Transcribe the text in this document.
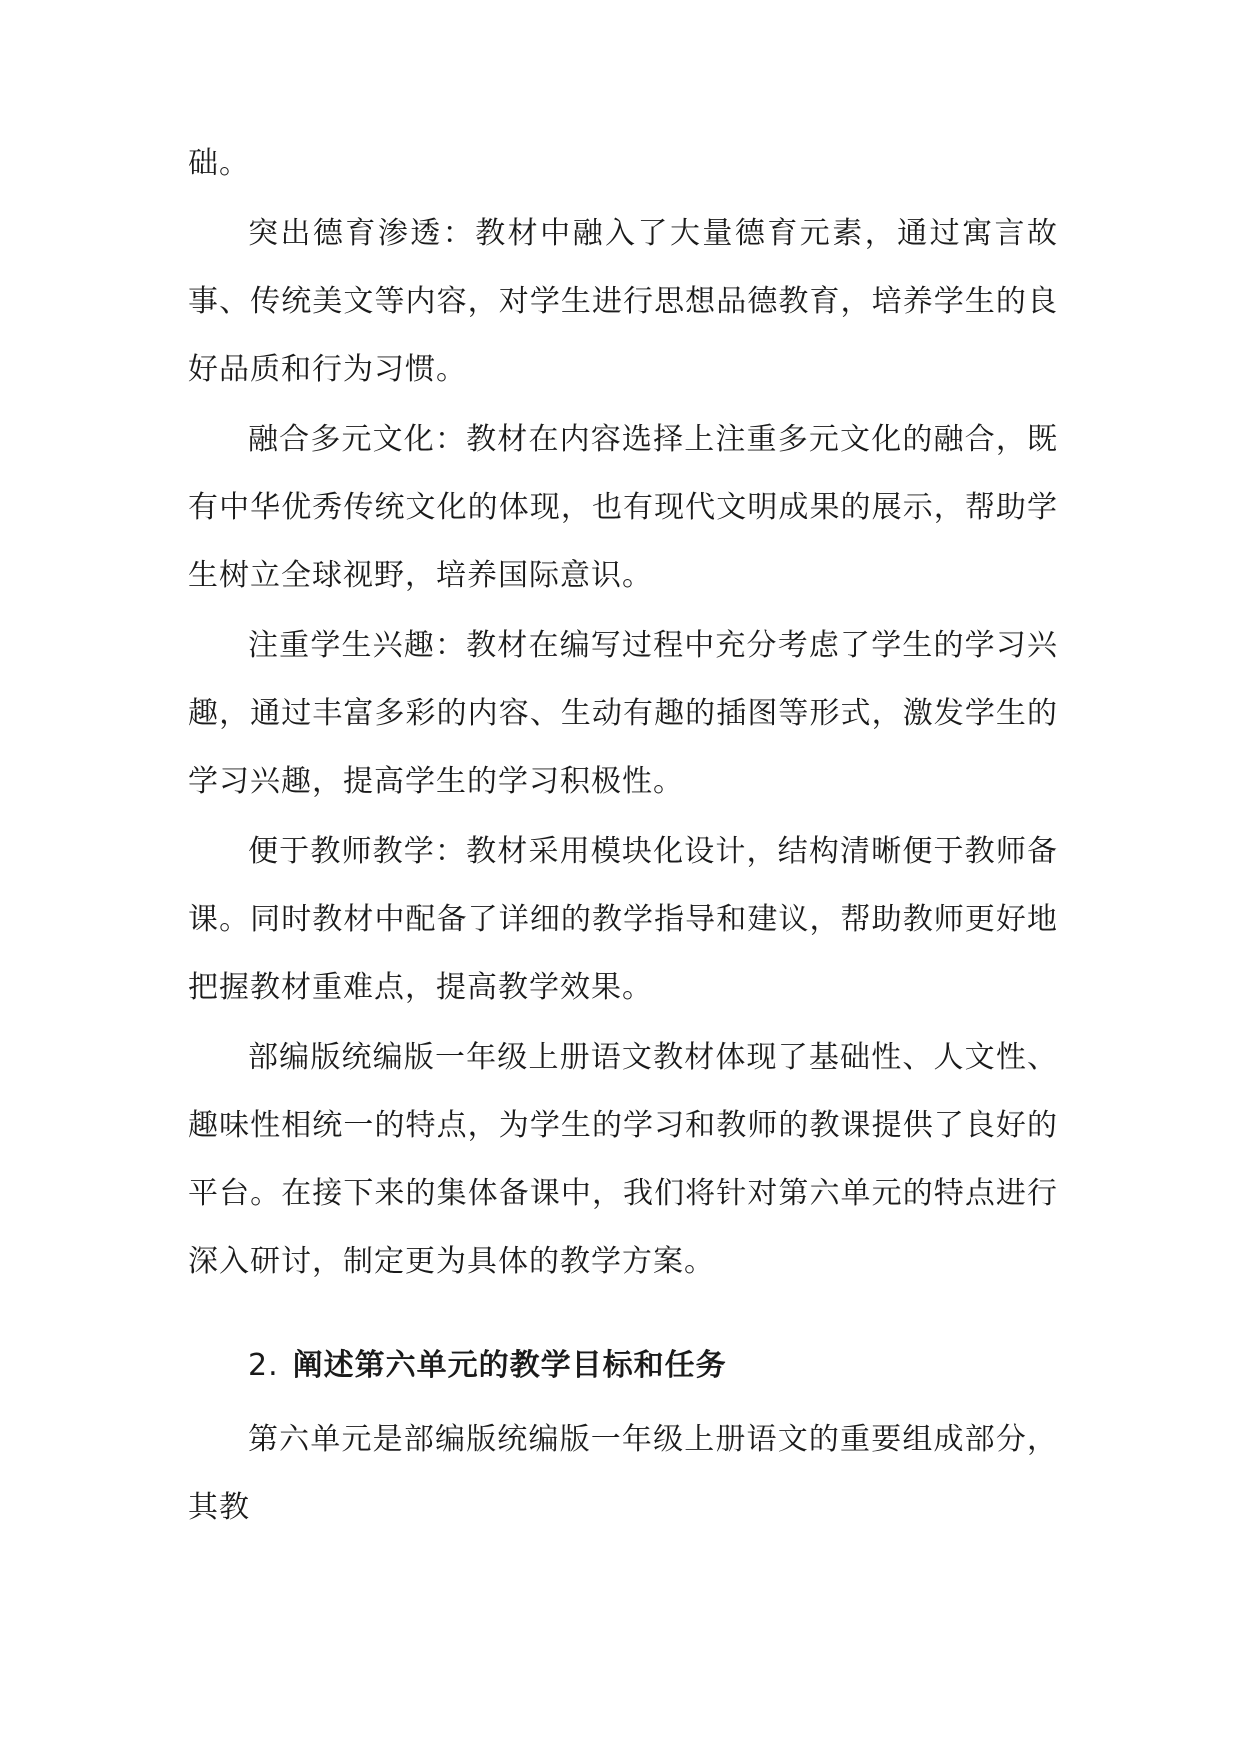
础。

突出德育渗透：教材中融入了大量德育元素，通过寓言故事、传统美文等内容，对学生进行思想品德教育，培养学生的良好品质和行为习惯。

融合多元文化：教材在内容选择上注重多元文化的融合，既有中华优秀传统文化的体现，也有现代文明成果的展示，帮助学生树立全球视野，培养国际意识。

注重学生兴趣：教材在编写过程中充分考虑了学生的学习兴趣，通过丰富多彩的内容、生动有趣的插图等形式，激发学生的学习兴趣，提高学生的学习积极性。

便于教师教学：教材采用模块化设计，结构清晰便于教师备课。同时教材中配备了详细的教学指导和建议，帮助教师更好地把握教材重难点，提高教学效果。

部编版统编版一年级上册语文教材体现了基础性、人文性、趣味性相统一的特点，为学生的学习和教师的教课提供了良好的平台。在接下来的集体备课中，我们将针对第六单元的特点进行深入研讨，制定更为具体的教学方案。

2. 阐述第六单元的教学目标和任务

第六单元是部编版统编版一年级上册语文的重要组成部分，其教
